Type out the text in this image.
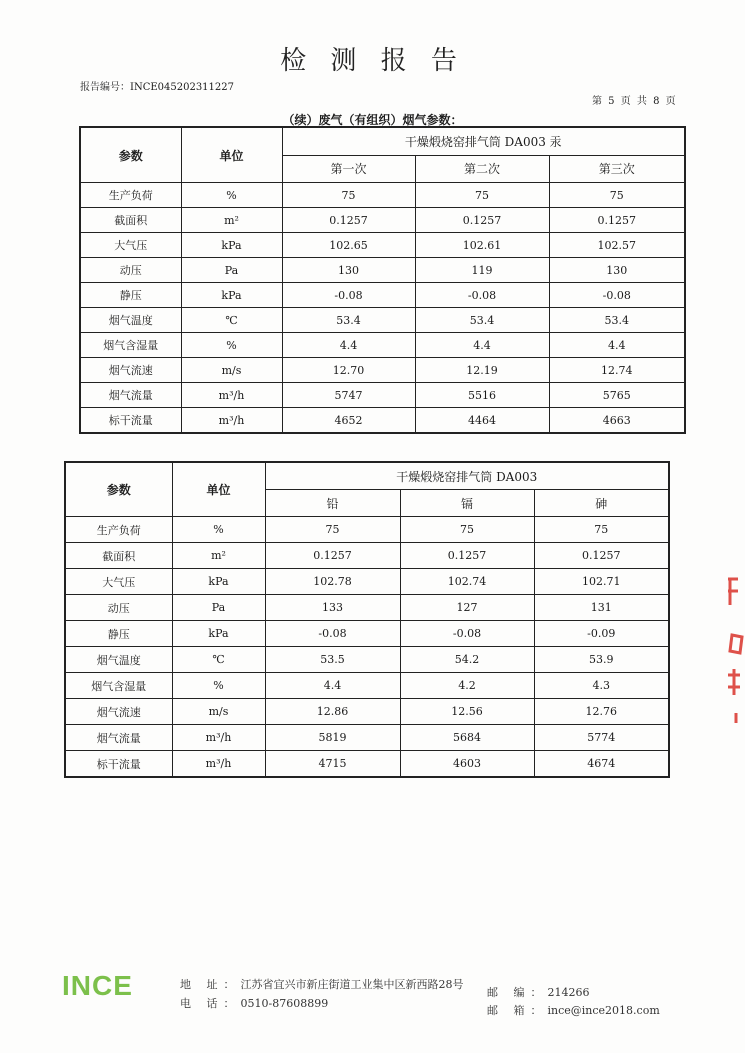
检 测 报 告
报告编号：INCE045202311227
第 5 页 共 8 页
（续）废气（有组织）烟气参数：
参数	单位	干燥煅烧窑排气筒 DA003 汞		
		第一次	第二次	第三次
生产负荷	%	75	75	75
截面积	m²	0.1257	0.1257	0.1257
大气压	kPa	102.65	102.61	102.57
动压	Pa	130	119	130
静压	kPa	-0.08	-0.08	-0.08
烟气温度	℃	53.4	53.4	53.4
烟气含湿量	%	4.4	4.4	4.4
烟气流速	m/s	12.70	12.19	12.74
烟气流量	m³/h	5747	5516	5765
标干流量	m³/h	4652	4464	4663
参数	单位	干燥煅烧窑排气筒 DA003		
		铅	镉	砷
生产负荷	%	75	75	75
截面积	m²	0.1257	0.1257	0.1257
大气压	kPa	102.78	102.74	102.71
动压	Pa	133	127	131
静压	kPa	-0.08	-0.08	-0.09
烟气温度	℃	53.5	54.2	53.9
烟气含湿量	%	4.4	4.2	4.3
烟气流速	m/s	12.86	12.56	12.76
烟气流量	m³/h	5819	5684	5774
标干流量	m³/h	4715	4603	4674
INCE	地 址：江苏省宜兴市新庄街道工业集中区新西路28号
电 话：0510-87608899
邮 编：214266
邮 箱：ince@ince2018.com
